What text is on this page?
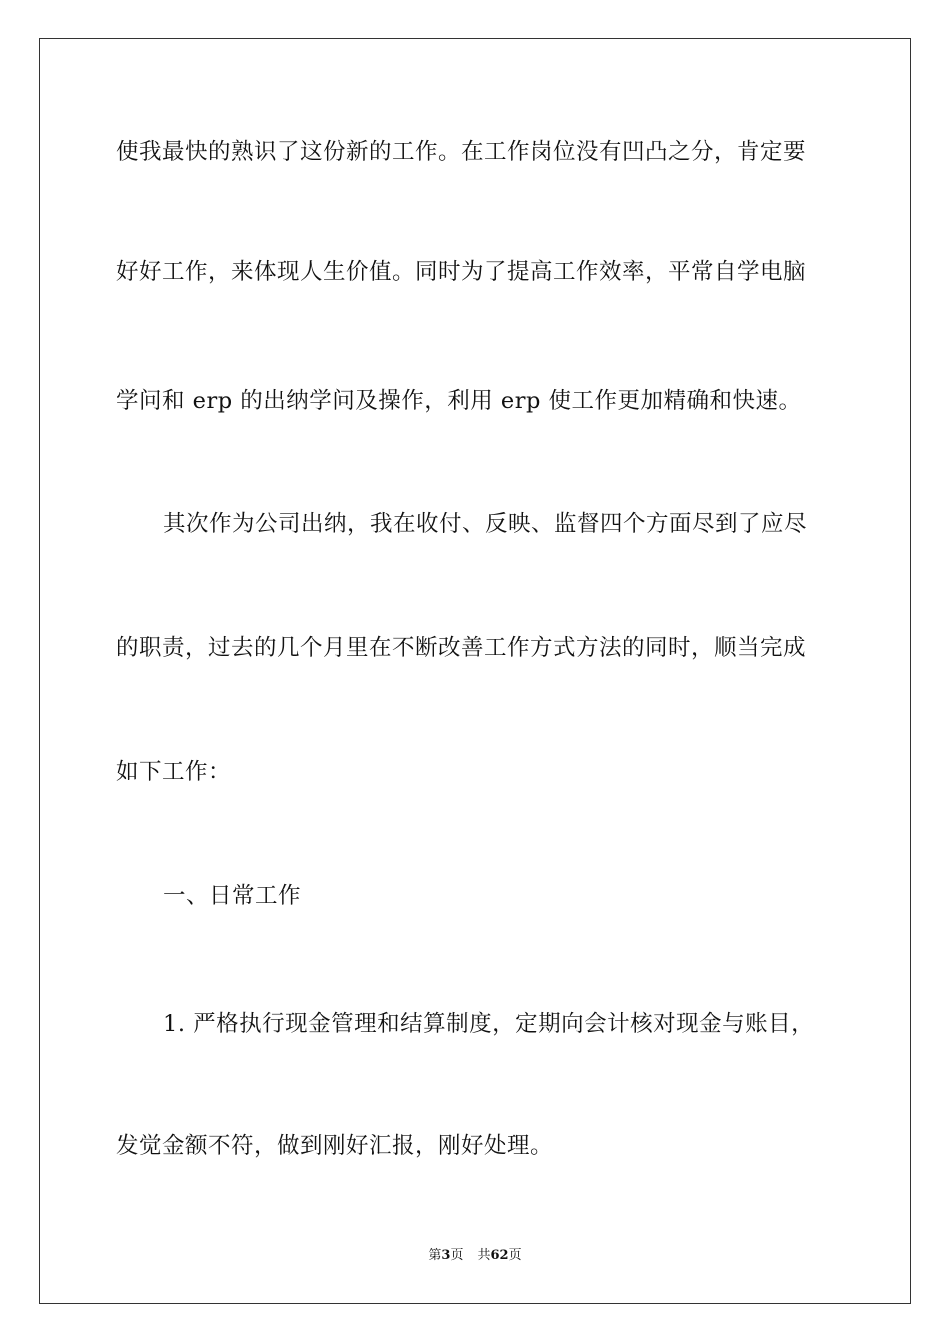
使我最快的熟识了这份新的工作。在工作岗位没有凹凸之分，肯定要
好好工作，来体现人生价值。同时为了提高工作效率，平常自学电脑
学问和 erp 的出纳学问及操作，利用 erp 使工作更加精确和快速。
其次作为公司出纳，我在收付、反映、监督四个方面尽到了应尽
的职责，过去的几个月里在不断改善工作方式方法的同时，顺当完成
如下工作：
一、日常工作
1. 严格执行现金管理和结算制度，定期向会计核对现金与账目，
发觉金额不符，做到刚好汇报，刚好处理。
第3页 共62页
